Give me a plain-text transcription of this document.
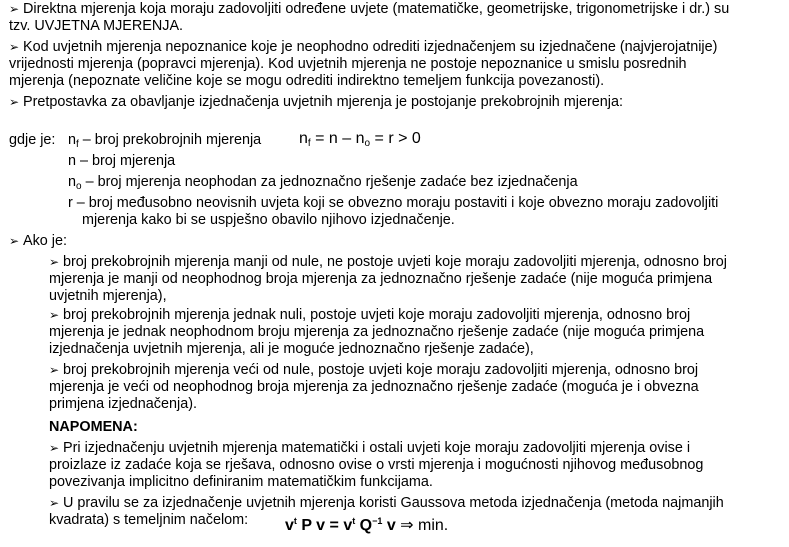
➢ Direktna mjerenja koja moraju zadovoljiti određene uvjete (matematičke, geometrijske, trigonometrijske i dr.) su
tzv. UVJETNA MJERENJA.
➢ Kod uvjetnih mjerenja nepoznanice koje je neophodno odrediti izjednačenjem su izjednačene (najvjerojatnije)
vrijednosti mjerenja (popravci mjerenja). Kod uvjetnih mjerenja ne postoje nepoznanice u smislu posrednih
mjerenja (nepoznate veličine koje se mogu odrediti indirektno temeljem funkcija povezanosti).
➢ Pretpostavka za obavljanje izjednačenja uvjetnih mjerenja je postojanje prekobrojnih mjerenja:
gdje je: $n_f$ – broj prekobrojnih mjerenja $n_f = n - n_o = r > 0$
n – broj mjerenja
$n_o$ – broj mjerenja neophodan za jednoznačno rješenje zadaće bez izjednačenja
r – broj međusobno neovisnih uvjeta koji se obvezno moraju postaviti i koje obvezno moraju zadovoljiti
mjerenja kako bi se uspješno obavilo njihovo izjednačenje.
➢ Ako je:
➢ broj prekobrojnih mjerenja manji od nule, ne postoje uvjeti koje moraju zadovoljiti mjerenja, odnosno broj
mjerenja je manji od neophodnog broja mjerenja za jednoznačno rješenje zadaće (nije moguća primjena
uvjetnih mjerenja),
➢ broj prekobrojnih mjerenja jednak nuli, postoje uvjeti koje moraju zadovoljiti mjerenja, odnosno broj
mjerenja je jednak neophodnom broju mjerenja za jednoznačno rješenje zadaće (nije moguća primjena
izjednačenja uvjetnih mjerenja, ali je moguće jednoznačno rješenje zadaće),
➢ broj prekobrojnih mjerenja veći od nule, postoje uvjeti koje moraju zadovoljiti mjerenja, odnosno broj
mjerenja je veći od neophodnog broja mjerenja za jednoznačno rješenje zadaće (moguća je i obvezna
primjena izjednačenja).
NAPOMENA:
➢ Pri izjednačenju uvjetnih mjerenja matematički i ostali uvjeti koje moraju zadovoljiti mjerenja ovise i
proizlaze iz zadaće koja se rješava, odnosno ovise o vrsti mjerenja i mogućnosti njihovog međusobnog
povezivanja implicitno definiranim matematičkim funkcijama.
➢ U pravilu se za izjednačenje uvjetnih mjerenja koristi Gaussova metoda izjednačenja (metoda najmanjih
kvadrata) s temeljnim načelom: $v^t$ P $v = v^t$ $Q^{-1}$ v ⇒ min.
